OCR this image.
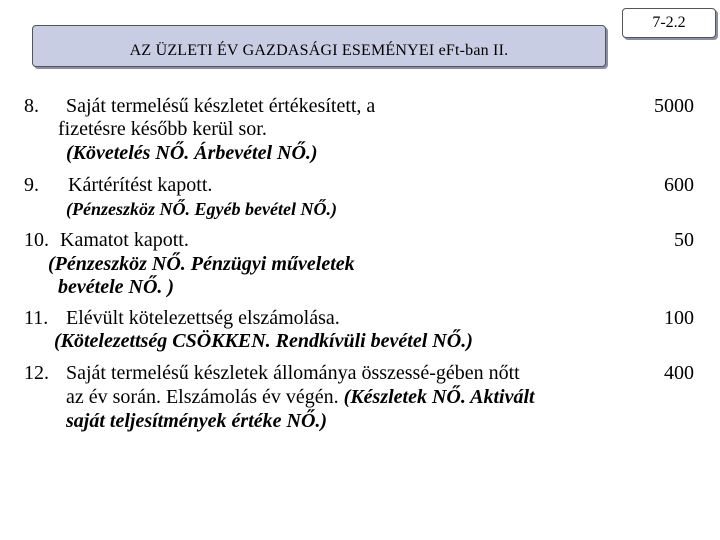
AZ ÜZLETI ÉV GAZDASÁGI ESEMÉNYEI eFt-ban II.
7-2.2
8. Saját termelésű készletet értékesített, a
fizetésre később kerül sor.
(Követelés NŐ. Árbevétel NŐ.)
5000
9. Kártérítést kapott.
(Pénzeszköz NŐ. Egyéb bevétel NŐ.)
600
10. Kamatot kapott.
(Pénzeszköz NŐ. Pénzügyi műveletek
bevétele NŐ. )
50
11. Elévült kötelezettség elszámolása.
(Kötelezettség CSÖKKEN. Rendkívüli bevétel NŐ.)
100
12. Saját termelésű készletek állománya összessé-gében nőtt
az év során. Elszámolás év végén. (Készletek NŐ. Aktivált
saját teljesítmények értéke NŐ.)
400
